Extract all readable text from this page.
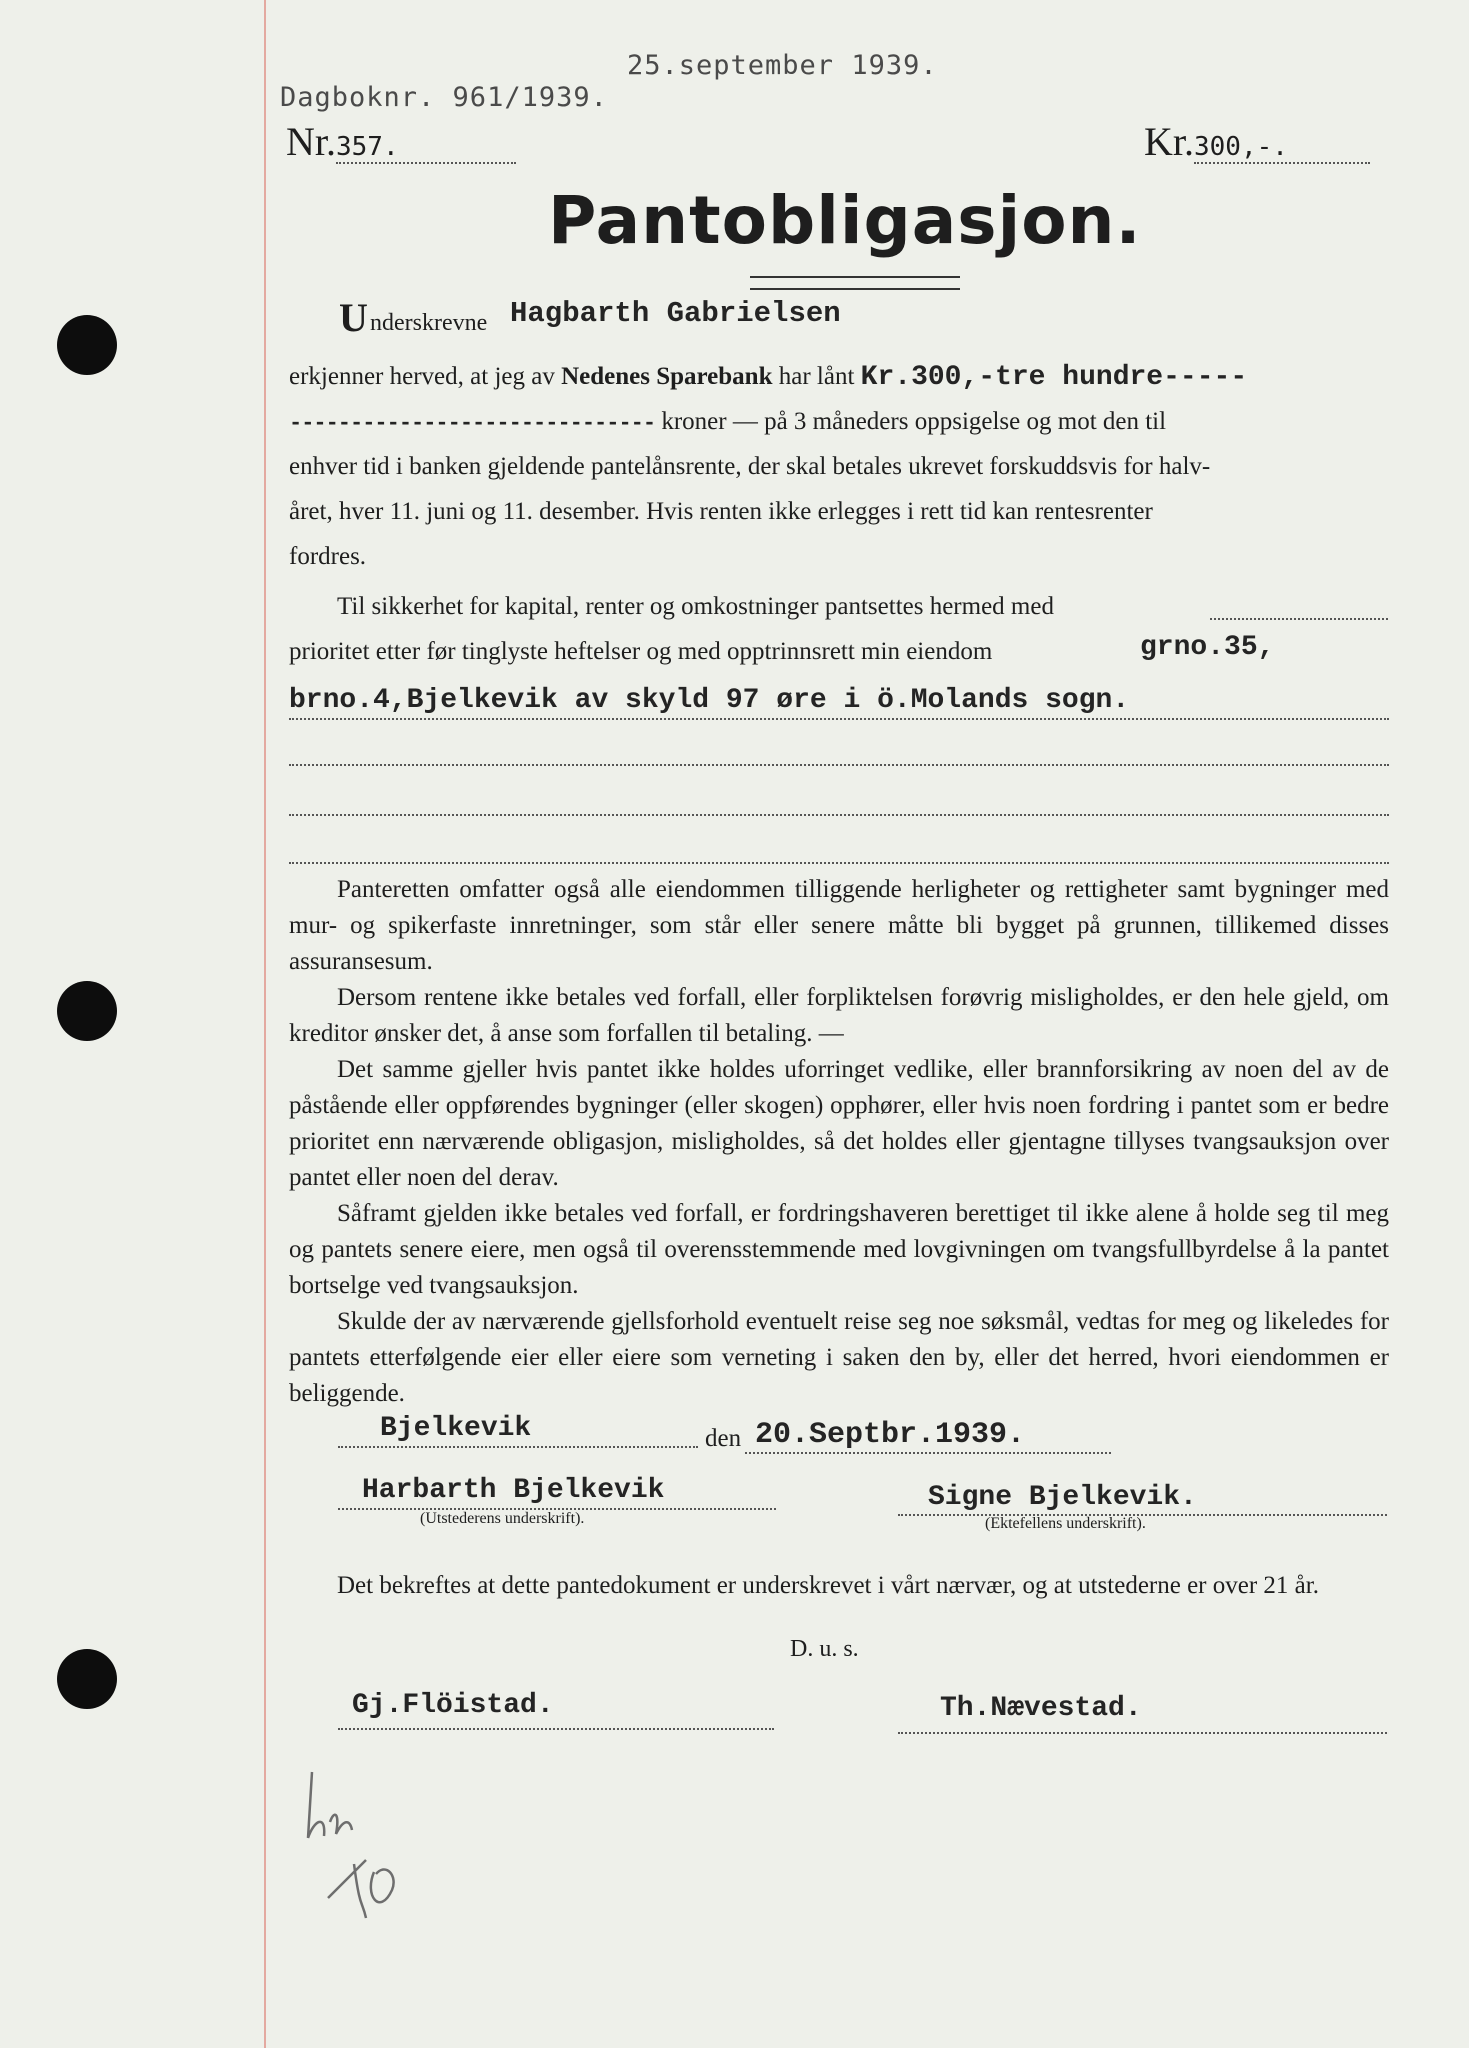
25.september 1939.
Dagboknr. 961/1939.
Nr.357.	Kr.300,-.
Pantobligasjon.
U nderskrevne Hagbarth Gabrielsen
erkjenner herved, at jeg av Nedenes Sparebank har lånt Kr.300,-tre hundre-----
------------------------------ kroner — på 3 måneders oppsigelse og mot den til
enhver tid i banken gjeldende pantelånsrente, der skal betales ukrevet forskuddsvis for halv-
året, hver 11. juni og 11. desember. Hvis renten ikke erlegges i rett tid kan rentesrenter
fordres.
Til sikkerhet for kapital, renter og omkostninger pantsettes hermed med
prioritet etter før tinglyste heftelser og med opptrinnsrett min eiendom	grno.35,
brno.4,Bjelkevik av skyld 97 øre i ö.Molands sogn.

Panteretten omfatter også alle eiendommen tilliggende herligheter og rettigheter samt bygninger med mur- og spikerfaste innretninger, som står eller senere måtte bli bygget på grunnen, tillikemed disses assuransesum.

Dersom rentene ikke betales ved forfall, eller forpliktelsen forøvrig misligholdes, er den hele gjeld, om kreditor ønsker det, å anse som forfallen til betaling. —

Det samme gjeller hvis pantet ikke holdes uforringet vedlike, eller brannforsikring av noen del av de påstående eller oppførendes bygninger (eller skogen) opphører, eller hvis noen fordring i pantet som er bedre prioritet enn nærværende obligasjon, misligholdes, så det holdes eller gjentagne tillyses tvangsauksjon over pantet eller noen del derav.

Såframt gjelden ikke betales ved forfall, er fordringshaveren berettiget til ikke alene å holde seg til meg og pantets senere eiere, men også til overensstemmende med lovgivningen om tvangsfullbyrdelse å la pantet bortselge ved tvangsauksjon.

Skulde der av nærværende gjellsforhold eventuelt reise seg noe søksmål, vedtas for meg og likeledes for pantets etterfølgende eier eller eiere som verneting i saken den by, eller det herred, hvori eiendommen er beliggende.

Bjelkevik	den 20.Septbr.1939.
Harbarth Bjelkevik
(Utstederens underskrift).
Signe Bjelkevik.
(Ektefellens underskrift).
Det bekreftes at dette pantedokument er underskrevet i vårt nærvær, og at utstederne er over 21 år.
D. u. s.
Gj.Flöistad.	Th.Nævestad.
